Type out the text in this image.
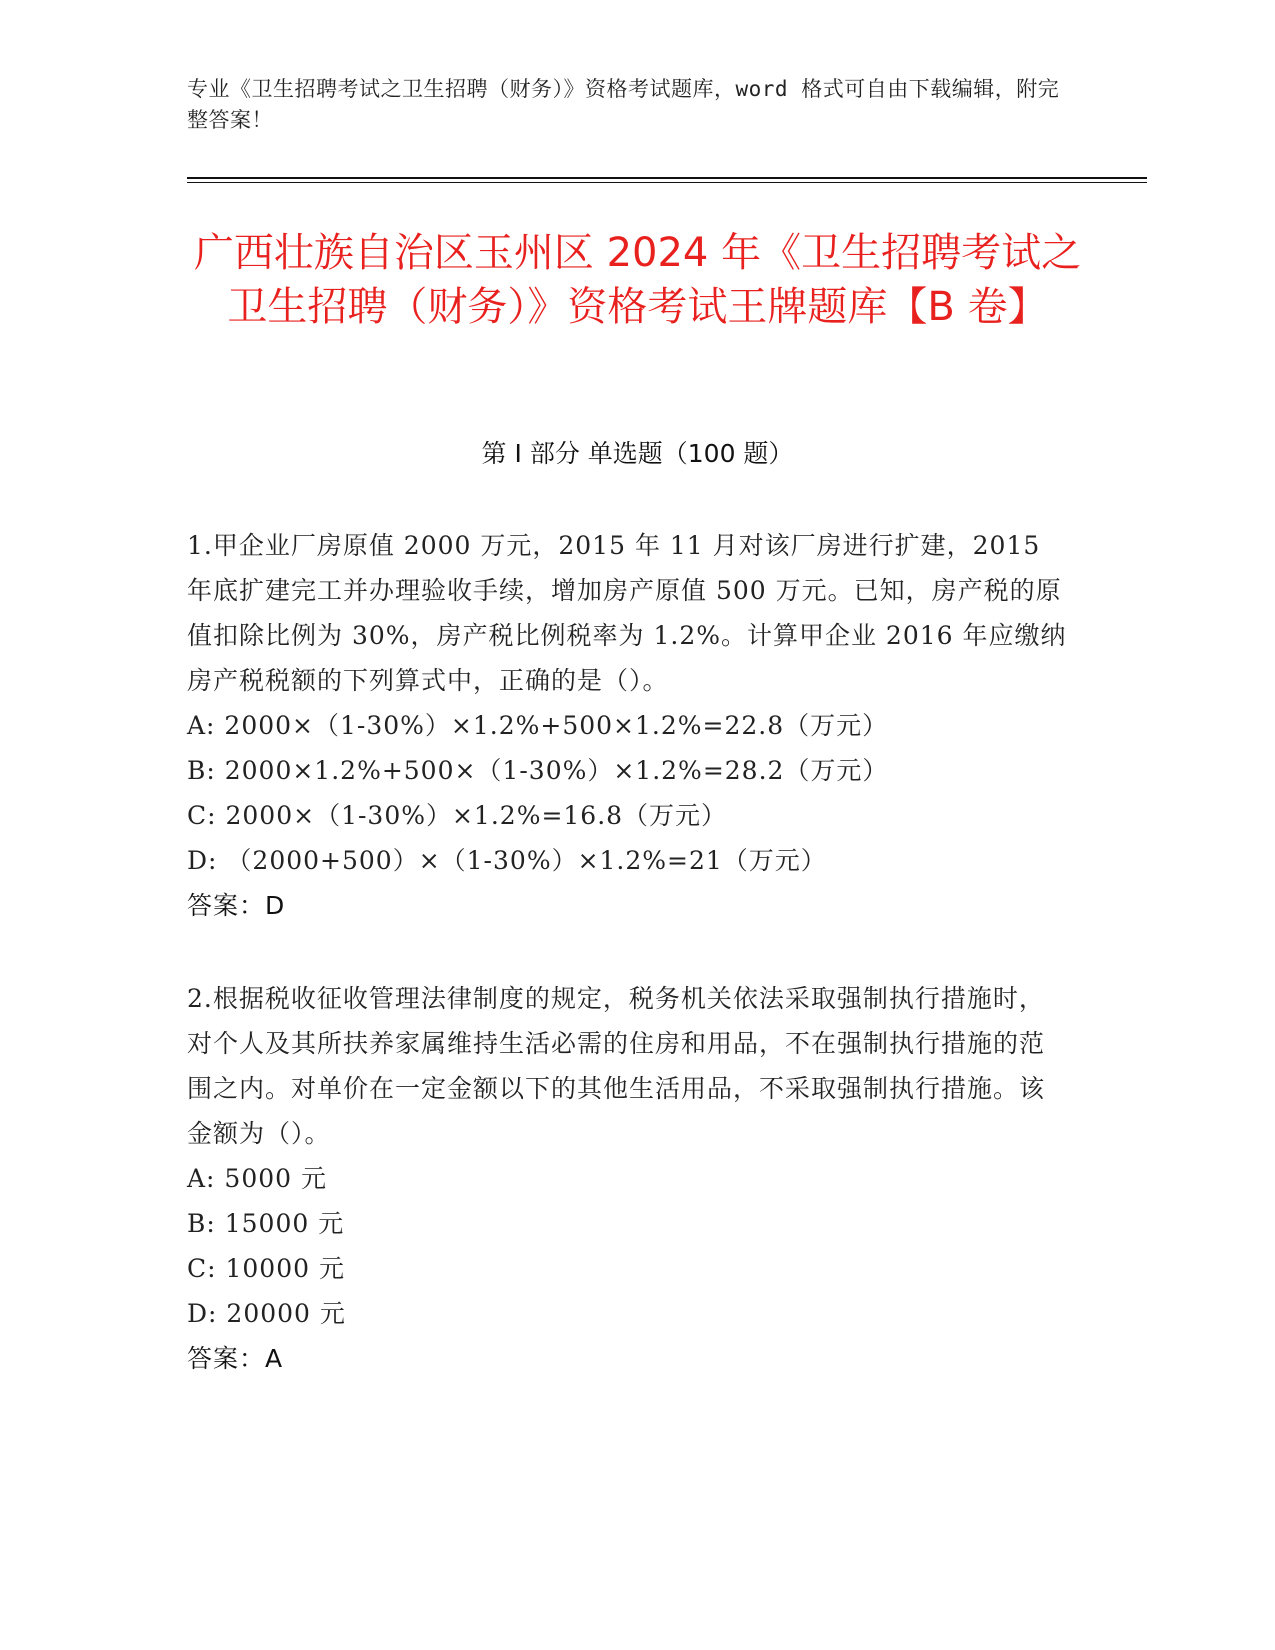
专业《卫生招聘考试之卫生招聘（财务）》资格考试题库，word 格式可自由下载编辑，附完整答案！
广西壮族自治区玉州区 2024 年《卫生招聘考试之卫生招聘（财务）》资格考试王牌题库【B 卷】
第 I 部分 单选题（100 题）

1.甲企业厂房原值 2000 万元，2015 年 11 月对该厂房进行扩建，2015 年底扩建完工并办理验收手续，增加房产原值 500 万元。已知，房产税的原值扣除比例为 30%，房产税比例税率为 1.2%。计算甲企业 2016 年应缴纳房产税税额的下列算式中，正确的是（）。

A: 2000×（1-30%）×1.2%+500×1.2%=22.8（万元）

B: 2000×1.2%+500×（1-30%）×1.2%=28.2（万元）

C: 2000×（1-30%）×1.2%=16.8（万元）

D: （2000+500）×（1-30%）×1.2%=21（万元）

答案：D

2.根据税收征收管理法律制度的规定，税务机关依法采取强制执行措施时，对个人及其所扶养家属维持生活必需的住房和用品，不在强制执行措施的范围之内。对单价在一定金额以下的其他生活用品，不采取强制执行措施。该金额为（）。

A: 5000 元

B: 15000 元

C: 10000 元

D: 20000 元

答案：A
